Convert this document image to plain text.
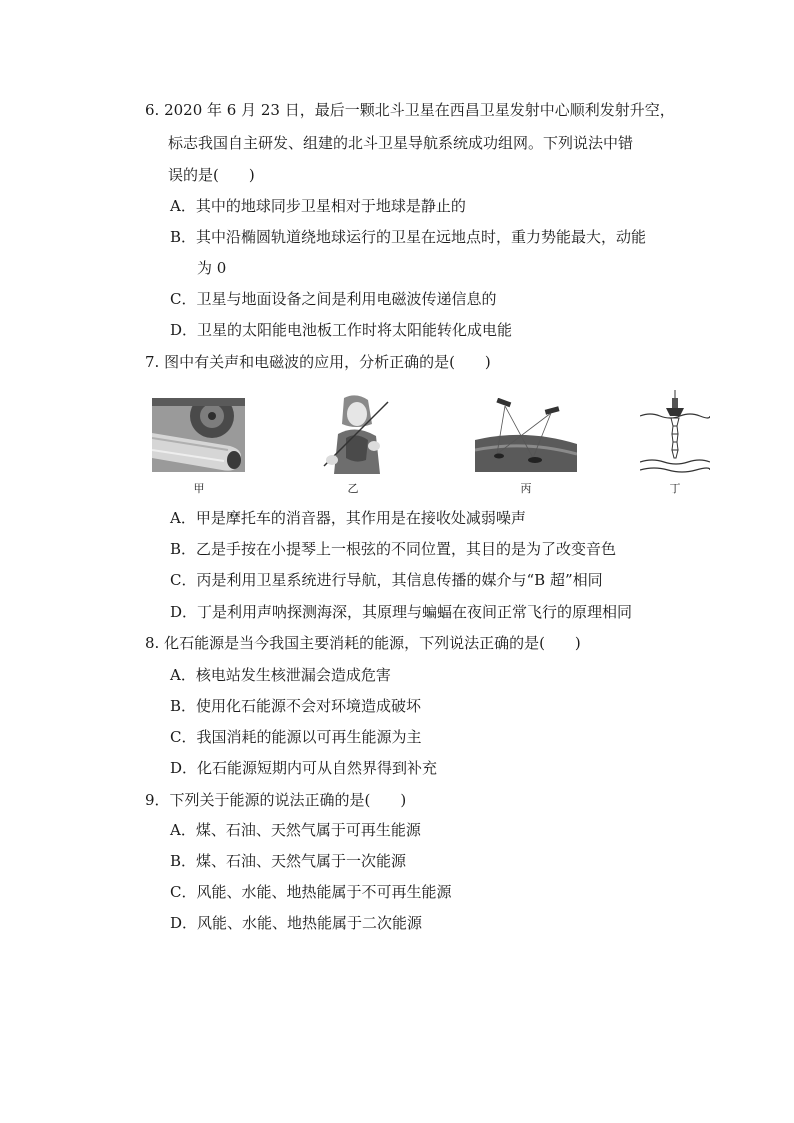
6. 2020 年 6 月 23 日，最后一颗北斗卫星在西昌卫星发射中心顺利发射升空，
标志我国自主研发、组建的北斗卫星导航系统成功组网。下列说法中错
误的是(　　)
A．其中的地球同步卫星相对于地球是静止的
B．其中沿椭圆轨道绕地球运行的卫星在远地点时，重力势能最大，动能
为 0
C．卫星与地面设备之间是利用电磁波传递信息的
D．卫星的太阳能电池板工作时将太阳能转化成电能
7. 图中有关声和电磁波的应用，分析正确的是(　　)
甲	乙	丙	丁
A．甲是摩托车的消音器，其作用是在接收处减弱噪声
B．乙是手按在小提琴上一根弦的不同位置，其目的是为了改变音色
C．丙是利用卫星系统进行导航，其信息传播的媒介与“B 超”相同
D．丁是利用声呐探测海深，其原理与蝙蝠在夜间正常飞行的原理相同
8. 化石能源是当今我国主要消耗的能源，下列说法正确的是(　　)
A．核电站发生核泄漏会造成危害
B．使用化石能源不会对环境造成破坏
C．我国消耗的能源以可再生能源为主
D．化石能源短期内可从自然界得到补充
9．下列关于能源的说法正确的是(　　)
A．煤、石油、天然气属于可再生能源
B．煤、石油、天然气属于一次能源
C．风能、水能、地热能属于不可再生能源
D．风能、水能、地热能属于二次能源
